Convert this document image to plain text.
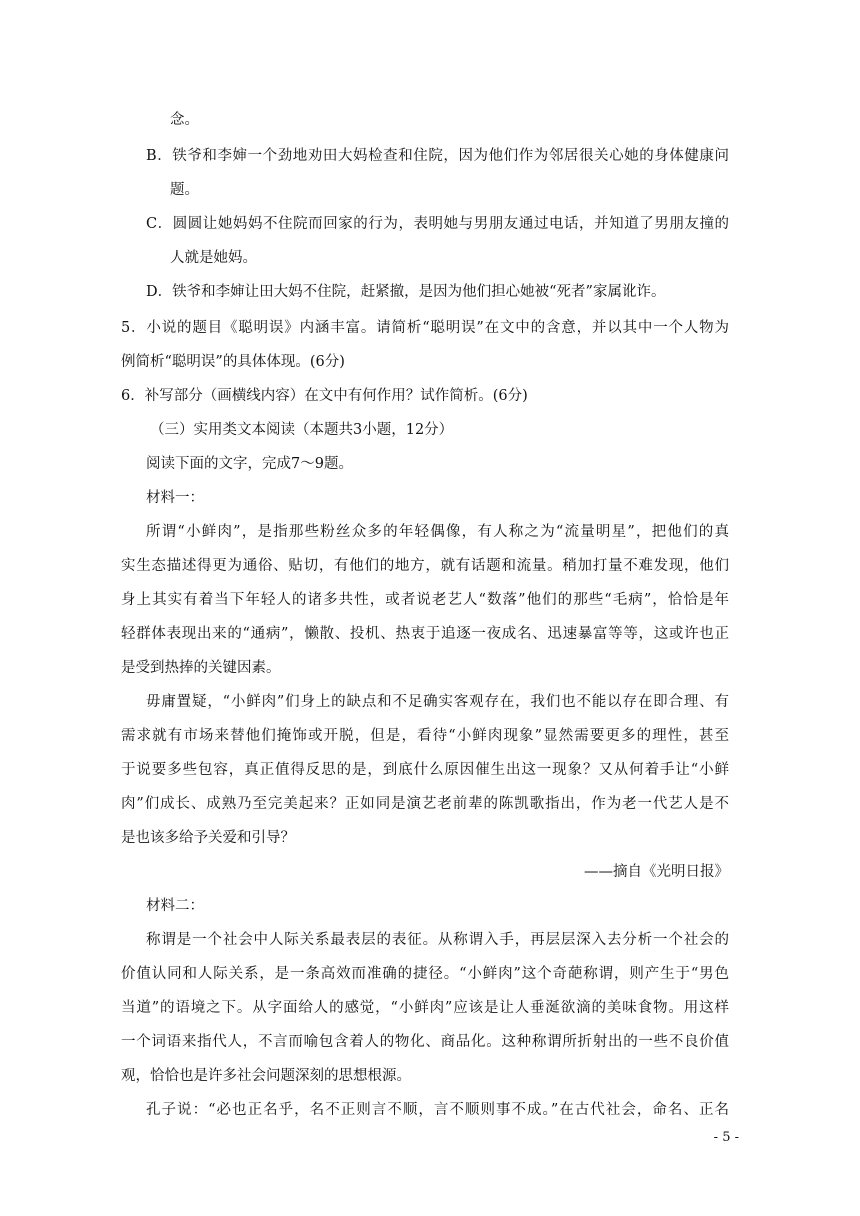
念。
B．铁爷和李婶一个劲地劝田大妈检查和住院，因为他们作为邻居很关心她的身体健康问
题。
C．圆圆让她妈妈不住院而回家的行为，表明她与男朋友通过电话，并知道了男朋友撞的
人就是她妈。
D．铁爷和李婶让田大妈不住院，赶紧撤，是因为他们担心她被“死者”家属讹诈。
5．小说的题目《聪明误》内涵丰富。请简析“聪明误”在文中的含意，并以其中一个人物为
例简析“聪明误”的具体体现。(6分)
6．补写部分（画横线内容）在文中有何作用？试作简析。(6分)
（三）实用类文本阅读（本题共3小题，12分）
阅读下面的文字，完成7～9题。
材料一：
所谓“小鲜肉”，是指那些粉丝众多的年轻偶像，有人称之为“流量明星”，把他们的真
实生态描述得更为通俗、贴切，有他们的地方，就有话题和流量。稍加打量不难发现，他们
身上其实有着当下年轻人的诸多共性，或者说老艺人“数落”他们的那些“毛病”，恰恰是年
轻群体表现出来的“通病”，懒散、投机、热衷于追逐一夜成名、迅速暴富等等，这或许也正
是受到热捧的关键因素。
毋庸置疑，“小鲜肉”们身上的缺点和不足确实客观存在，我们也不能以存在即合理、有
需求就有市场来替他们掩饰或开脱，但是，看待“小鲜肉现象”显然需要更多的理性，甚至
于说要多些包容，真正值得反思的是，到底什么原因催生出这一现象？又从何着手让“小鲜
肉”们成长、成熟乃至完美起来？正如同是演艺老前辈的陈凯歌指出，作为老一代艺人是不
是也该多给予关爱和引导？
——摘自《光明日报》
材料二：
称谓是一个社会中人际关系最表层的表征。从称谓入手，再层层深入去分析一个社会的
价值认同和人际关系，是一条高效而准确的捷径。“小鲜肉”这个奇葩称谓，则产生于“男色
当道”的语境之下。从字面给人的感觉，“小鲜肉”应该是让人垂涎欲滴的美味食物。用这样
一个词语来指代人，不言而喻包含着人的物化、商品化。这种称谓所折射出的一些不良价值
观，恰恰也是许多社会问题深刻的思想根源。
孔子说：“必也正名乎，名不正则言不顺，言不顺则事不成。”在古代社会，命名、正名
- 5 -
